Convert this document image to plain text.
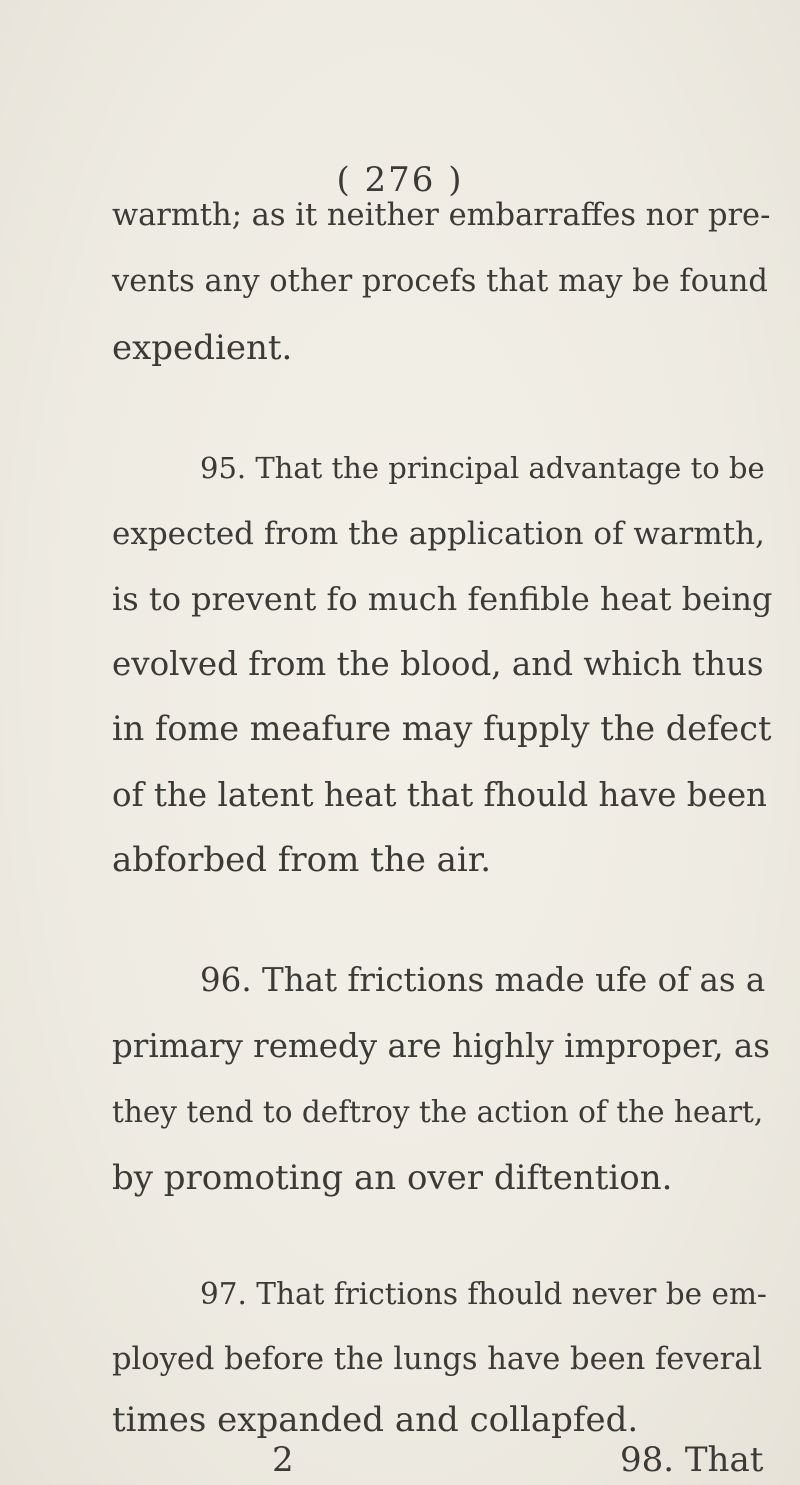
( 276 )
warmth; as it neither embarraffes nor pre-
vents any other procefs that may be found
expedient.
95. That the principal advantage to be
expected from the application of warmth,
is to prevent fo much fenfible heat being
evolved from the blood, and which thus
in fome meafure may fupply the defect
of the latent heat that fhould have been
abforbed from the air.
96. That frictions made ufe of as a
primary remedy are highly improper, as
they tend to deftroy the action of the heart,
by promoting an over diftention.
97. That frictions fhould never be em-
ployed before the lungs have been feveral
times expanded and collapfed.
2	98. That
